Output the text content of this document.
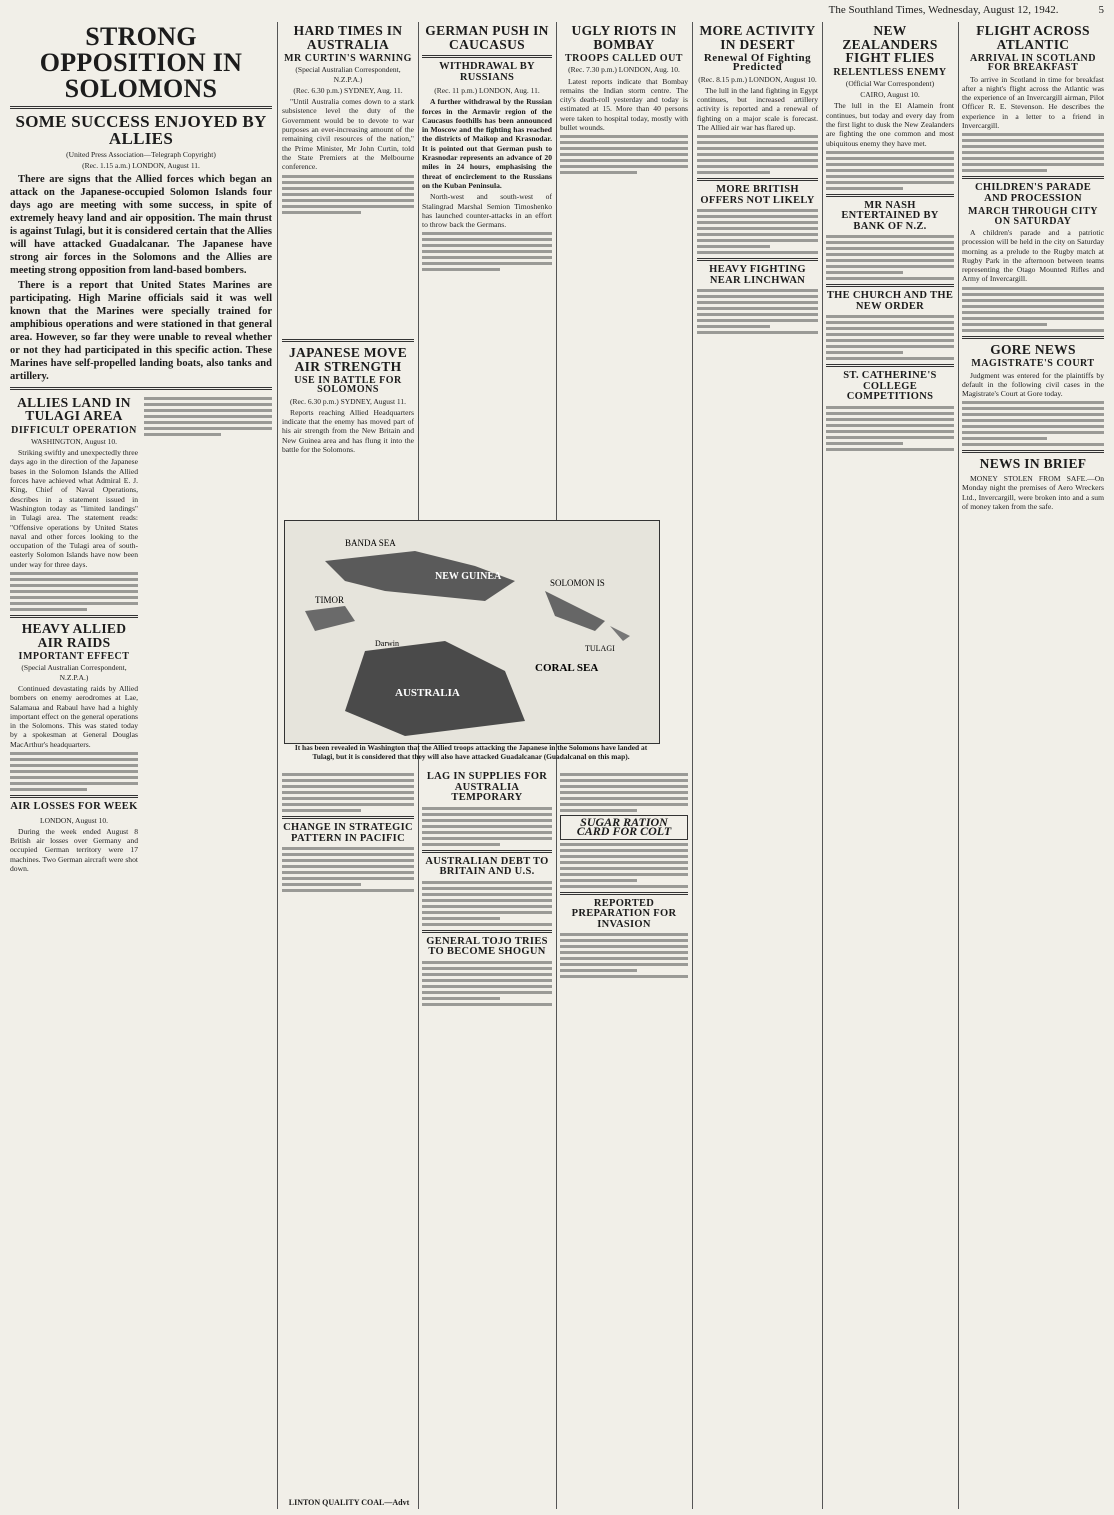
The Southland Times, Wednesday, August 12, 1942.	5
STRONG OPPOSITION IN SOLOMONS
SOME SUCCESS ENJOYED BY ALLIES
(United Press Association—Telegraph Copyright)
(Rec. 1.15 a.m.) LONDON, August 11.

There are signs that the Allied forces which began an attack on the Japanese-occupied Solomon Islands four days ago are meeting with some success, in spite of extremely heavy land and air opposition. The main thrust is against Tulagi, but it is considered certain that the Allies will have attacked Guadalcanar. The Japanese have strong air forces in the Solomons and the Allies are meeting strong opposition from land-based bombers.

There is a report that United States Marines are participating. High Marine officials said it was well known that the Marines were specially trained for amphibious operations and were stationed in that general area. However, so far they were unable to reveal whether or not they had participated in this specific action. These Marines have self-propelled landing boats, also tanks and artillery.

ALLIES LAND IN TULAGI AREA
DIFFICULT OPERATION
WASHINGTON, August 10.

Striking swiftly and unexpectedly three days ago in the direction of the Japanese bases in the Solomon Islands the Allied forces have achieved what Admiral E. J. King, Chief of Naval Operations, describes in a statement issued in Washington today as "limited landings" in Tulagi area. The statement reads: "Offensive operations by United States naval and other forces looking to the occupation of the Tulagi area of south-easterly Solomon Islands have now been under way for three days.

HEAVY ALLIED AIR RAIDS
IMPORTANT EFFECT
(Special Australian Correspondent, N.Z.P.A.)

Continued devastating raids by Allied bombers on enemy aerodromes at Lae, Salamaua and Rabaul have had a highly important effect on the general operations in the Solomons. This was stated today by a spokesman at General Douglas MacArthur's headquarters.

AIR LOSSES FOR WEEK
LONDON, August 10.

During the week ended August 8 British air losses over Germany and occupied German territory were 17 machines. Two German aircraft were shot down.

HARD TIMES IN AUSTRALIA
MR CURTIN'S WARNING
(Special Australian Correspondent, N.Z.P.A.)
(Rec. 6.30 p.m.) SYDNEY, Aug. 11.

"Until Australia comes down to a stark subsistence level the duty of the Government would be to devote to war purposes an ever-increasing amount of the remaining civil resources of the nation," the Prime Minister, Mr John Curtin, told the State Premiers at the Melbourne conference.

JAPANESE MOVE AIR STRENGTH
USE IN BATTLE FOR SOLOMONS
(Rec. 6.30 p.m.) SYDNEY, August 11.

Reports reaching Allied Headquarters indicate that the enemy has moved part of his air strength from the New Britain and New Guinea area and has flung it into the battle for the Solomons.

GERMAN PUSH IN CAUCASUS
WITHDRAWAL BY RUSSIANS
(Rec. 11 p.m.) LONDON, Aug. 11.

A further withdrawal by the Russian forces in the Armavir region of the Caucasus foothills has been announced in Moscow and the fighting has reached the districts of Maikop and Krasnodar. It is pointed out that German push to Krasnodar represents an advance of 20 miles in 24 hours, emphasising the threat of encirclement to the Russians on the Kuban Peninsula.

North-west and south-west of Stalingrad Marshal Semion Timoshenko has launched counter-attacks in an effort to throw back the Germans.

UGLY RIOTS IN BOMBAY
TROOPS CALLED OUT
(Rec. 7.30 p.m.) LONDON, Aug. 10.

Latest reports indicate that Bombay remains the Indian storm centre. The city's death-roll yesterday and today is estimated at 15. More than 40 persons were taken to hospital today, mostly with bullet wounds.

BANDA SEA
TIMOR
NEW GUINEA
SOLOMON IS
TULAGI
CORAL SEA
Darwin
AUSTRALIA
It has been revealed in Washington that the Allied troops attacking the Japanese in the Solomons have landed at Tulagi, but it is considered that they will also have attacked Guadalcanar (Guadalcanal on this map).
CHANGE IN STRATEGIC PATTERN IN PACIFIC
LAG IN SUPPLIES FOR AUSTRALIA TEMPORARY
AUSTRALIAN DEBT TO BRITAIN AND U.S.
GENERAL TOJO TRIES TO BECOME SHOGUN
SUGAR RATION CARD FOR COLT
REPORTED PREPARATION FOR INVASION
MORE ACTIVITY IN DESERT
Renewal Of Fighting Predicted
(Rec. 8.15 p.m.) LONDON, August 10.

The lull in the land fighting in Egypt continues, but increased artillery activity is reported and a renewal of fighting on a major scale is forecast. The Allied air war has flared up.

MORE BRITISH OFFERS NOT LIKELY
HEAVY FIGHTING NEAR LINCHWAN
NEW ZEALANDERS FIGHT FLIES
RELENTLESS ENEMY
(Official War Correspondent)
CAIRO, August 10.

The lull in the El Alamein front continues, but today and every day from the first light to dusk the New Zealanders are fighting the one common and most ubiquitous enemy they have met.

MR NASH ENTERTAINED BY BANK OF N.Z.
THE CHURCH AND THE NEW ORDER
ST. CATHERINE'S COLLEGE COMPETITIONS
FLIGHT ACROSS ATLANTIC
ARRIVAL IN SCOTLAND FOR BREAKFAST

To arrive in Scotland in time for breakfast after a night's flight across the Atlantic was the experience of an Invercargill airman, Pilot Officer R. E. Stevenson. He describes the experience in a letter to a friend in Invercargill.

CHILDREN'S PARADE AND PROCESSION
MARCH THROUGH CITY ON SATURDAY

A children's parade and a patriotic procession will be held in the city on Saturday morning as a prelude to the Rugby match at Rugby Park in the afternoon between teams representing the Otago Mounted Rifles and Army of Invercargill.

GORE NEWS
MAGISTRATE'S COURT

Judgment was entered for the plaintiffs by default in the following civil cases in the Magistrate's Court at Gore today.

NEWS IN BRIEF

MONEY STOLEN FROM SAFE.—On Monday night the premises of Aero Wreckers Ltd., Invercargill, were broken into and a sum of money taken from the safe.

LINTON QUALITY COAL—Advt
